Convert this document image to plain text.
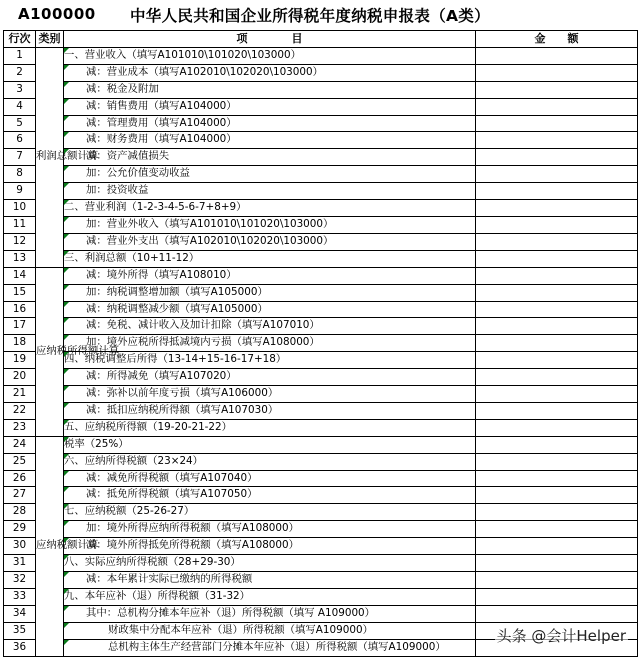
A100000 中华人民共和国企业所得税年度纳税申报表（A类）
行次	类别	项　　　　目	金　　额
1	利润总额计算	一、营业收入（填写A101010\101020\103000）	
2		减：营业成本（填写A102010\102020\103000）	
3		减：税金及附加	
4		减：销售费用（填写A104000）	
5		减：管理费用（填写A104000）	
6		减：财务费用（填写A104000）	
7		减：资产减值损失	
8		加：公允价值变动收益	
9		加：投资收益	
10		二、营业利润（1-2-3-4-5-6-7+8+9）	
11		加：营业外收入（填写A101010\101020\103000）	
12		减：营业外支出（填写A102010\102020\103000）	
13		三、利润总额（10+11-12）	
14	应纳税所得额计算	减：境外所得（填写A108010）	
15		加：纳税调整增加额（填写A105000）	
16		减：纳税调整减少额（填写A105000）	
17		减：免税、减计收入及加计扣除（填写A107010）	
18		加：境外应税所得抵减境内亏损（填写A108000）	
19		四、纳税调整后所得（13-14+15-16-17+18）	
20		减：所得减免（填写A107020）	
21		减：弥补以前年度亏损（填写A106000）	
22		减：抵扣应纳税所得额（填写A107030）	
23		五、应纳税所得额（19-20-21-22）	
24	应纳税额计算	税率（25%）	
25		六、应纳所得税额（23×24）	
26		减：减免所得税额（填写A107040）	
27		减：抵免所得税额（填写A107050）	
28		七、应纳税额（25-26-27）	
29		加：境外所得应纳所得税额（填写A108000）	
30		减：境外所得抵免所得税额（填写A108000）	
31		八、实际应纳所得税额（28+29-30）	
32		减：本年累计实际已缴纳的所得税额	
33		九、本年应补（退）所得税额（31-32）	
34		其中：总机构分摊本年应补（退）所得税额（填写 A109000）	
35		财政集中分配本年应补（退）所得税额（填写A109000）	
36		总机构主体生产经营部门分摊本年应补（退）所得税额（填写A109000）	
头条 @会计Helper
